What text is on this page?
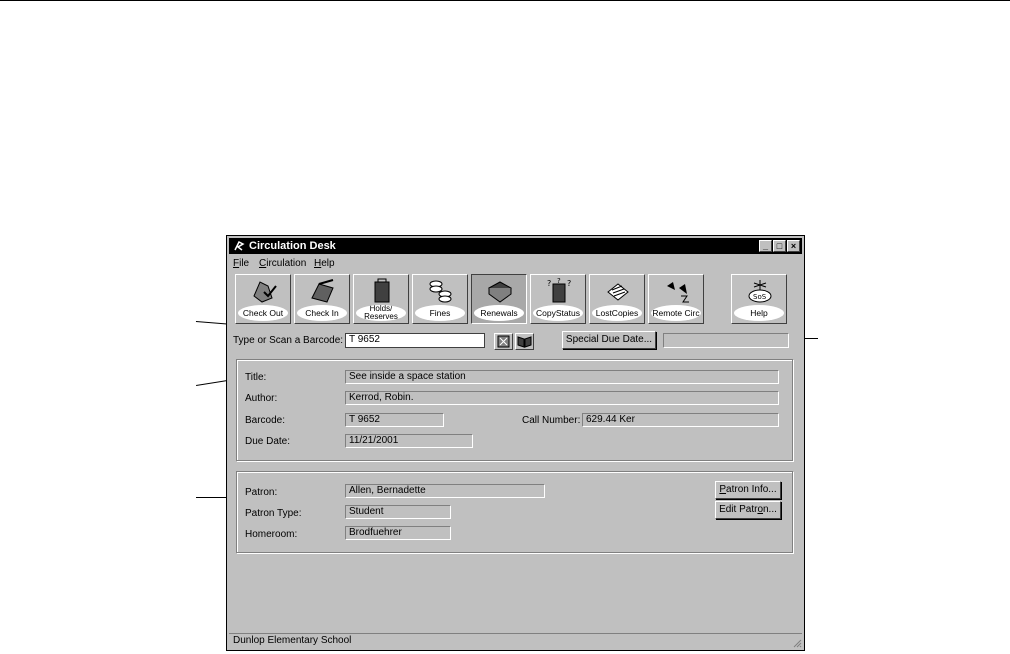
Circulation Desk	_ □ ×
File Circulation Help
Check Out	Check In	Holds/
Reserves	Fines	Renewals
? ?
?
CopyStatus	LostCopies	Remote Circ
SoS
Help
Type or Scan a Barcode: T 9652	Special Due Date...
Title:	See inside a space station
Author:	Kerrod, Robin.
Barcode:	T 9652	Call Number: 629.44 Ker
Due Date:	11/21/2001
Patron:	Allen, Bernadette
Patron Type:	Student
Homeroom:	Brodfuehrer
Patron Info...
Edit Patron...
Dunlop Elementary School
